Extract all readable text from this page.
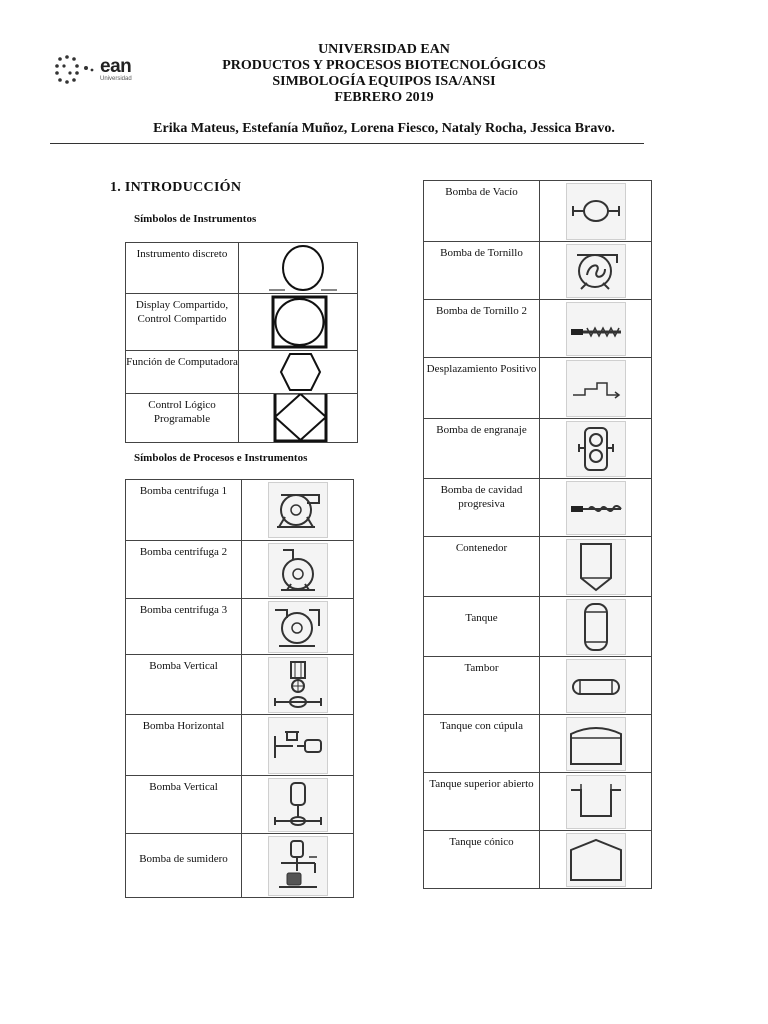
ean
Universidad
UNIVERSIDAD EAN
PRODUCTOS Y PROCESOS BIOTECNOLÓGICOS
SIMBOLOGÍA EQUIPOS ISA/ANSI
FEBRERO 2019
Erika Mateus, Estefanía Muñoz, Lorena Fiesco, Nataly Rocha, Jessica Bravo.
1. INTRODUCCIÓN
Símbolos de Instrumentos
Símbolos de Procesos e Instrumentos
Instrumento discreto	

Display Compartido, Control Compartido	

Función de Computadora	

Control Lógico Programable	
Bomba centrifuga 1	

Bomba centrifuga 2	

Bomba centrifuga 3	

Bomba Vertical	

Bomba Horizontal	

Bomba Vertical	

Bomba de sumidero	
Bomba de Vacío	

Bomba de Tornillo	

Bomba de Tornillo 2	

Desplazamiento Positivo	

Bomba de engranaje	

Bomba de cavidad progresiva	

Contenedor	

Tanque	

Tambor	

Tanque con cúpula	

Tanque superior abierto	

Tanque cónico	
